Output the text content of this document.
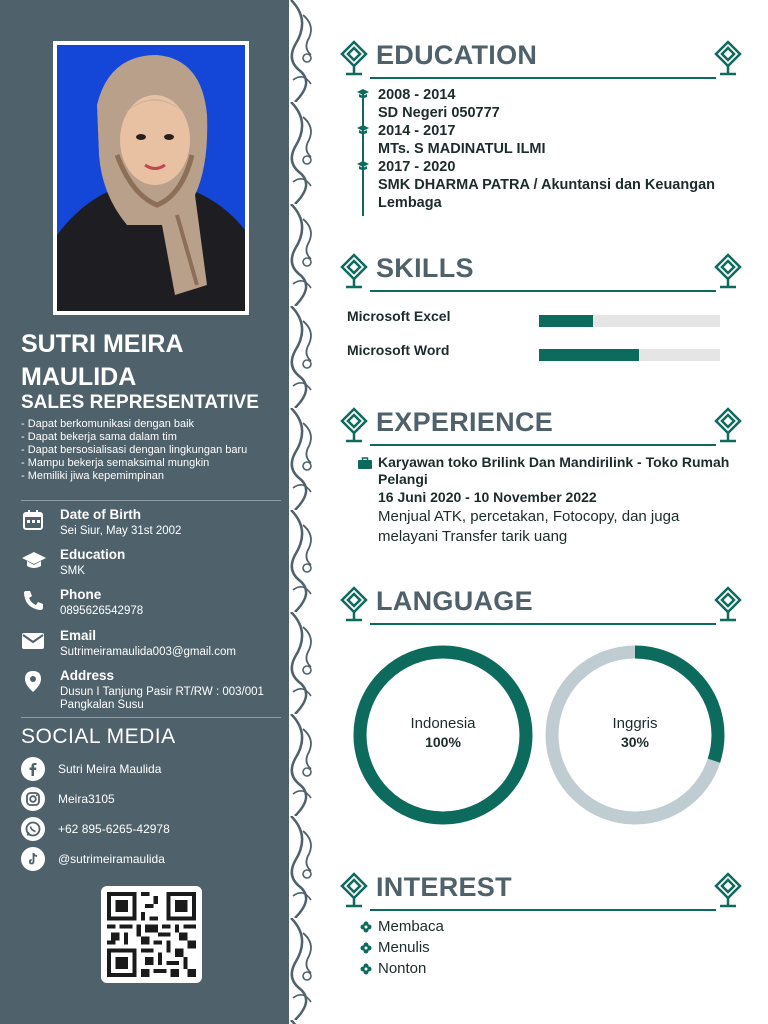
SUTRI MEIRA MAULIDA
SALES REPRESENTATIVE
- Dapat berkomunikasi dengan baik
- Dapat bekerja sama dalam tim
- Dapat bersosialisasi dengan lingkungan baru
- Mampu bekerja semaksimal mungkin
- Memiliki jiwa kepemimpinan
Date of Birth
Sei Siur, May 31st 2002
Education
SMK
Phone
0895626542978
Email
Sutrimeiramaulida003@gmail.com
Address
Dusun I Tanjung Pasir RT/RW : 003/001 Pangkalan Susu
SOCIAL MEDIA
Sutri Meira Maulida
Meira3105
+62 895-6265-42978
@sutrimeiramaulida
EDUCATION
2008 - 2014
SD Negeri 050777
2014 - 2017
MTs. S MADINATUL ILMI
2017 - 2020
SMK DHARMA PATRA / Akuntansi dan Keuangan Lembaga
SKILLS
Microsoft Excel
Microsoft Word
EXPERIENCE
Karyawan toko Brilink Dan Mandirilink - Toko Rumah Pelangi
16 Juni 2020 - 10 November 2022
Menjual ATK, percetakan, Fotocopy, dan juga melayani Transfer tarik uang
LANGUAGE
Indonesia
100%
Inggris
30%
INTEREST
Membaca
Menulis
Nonton
